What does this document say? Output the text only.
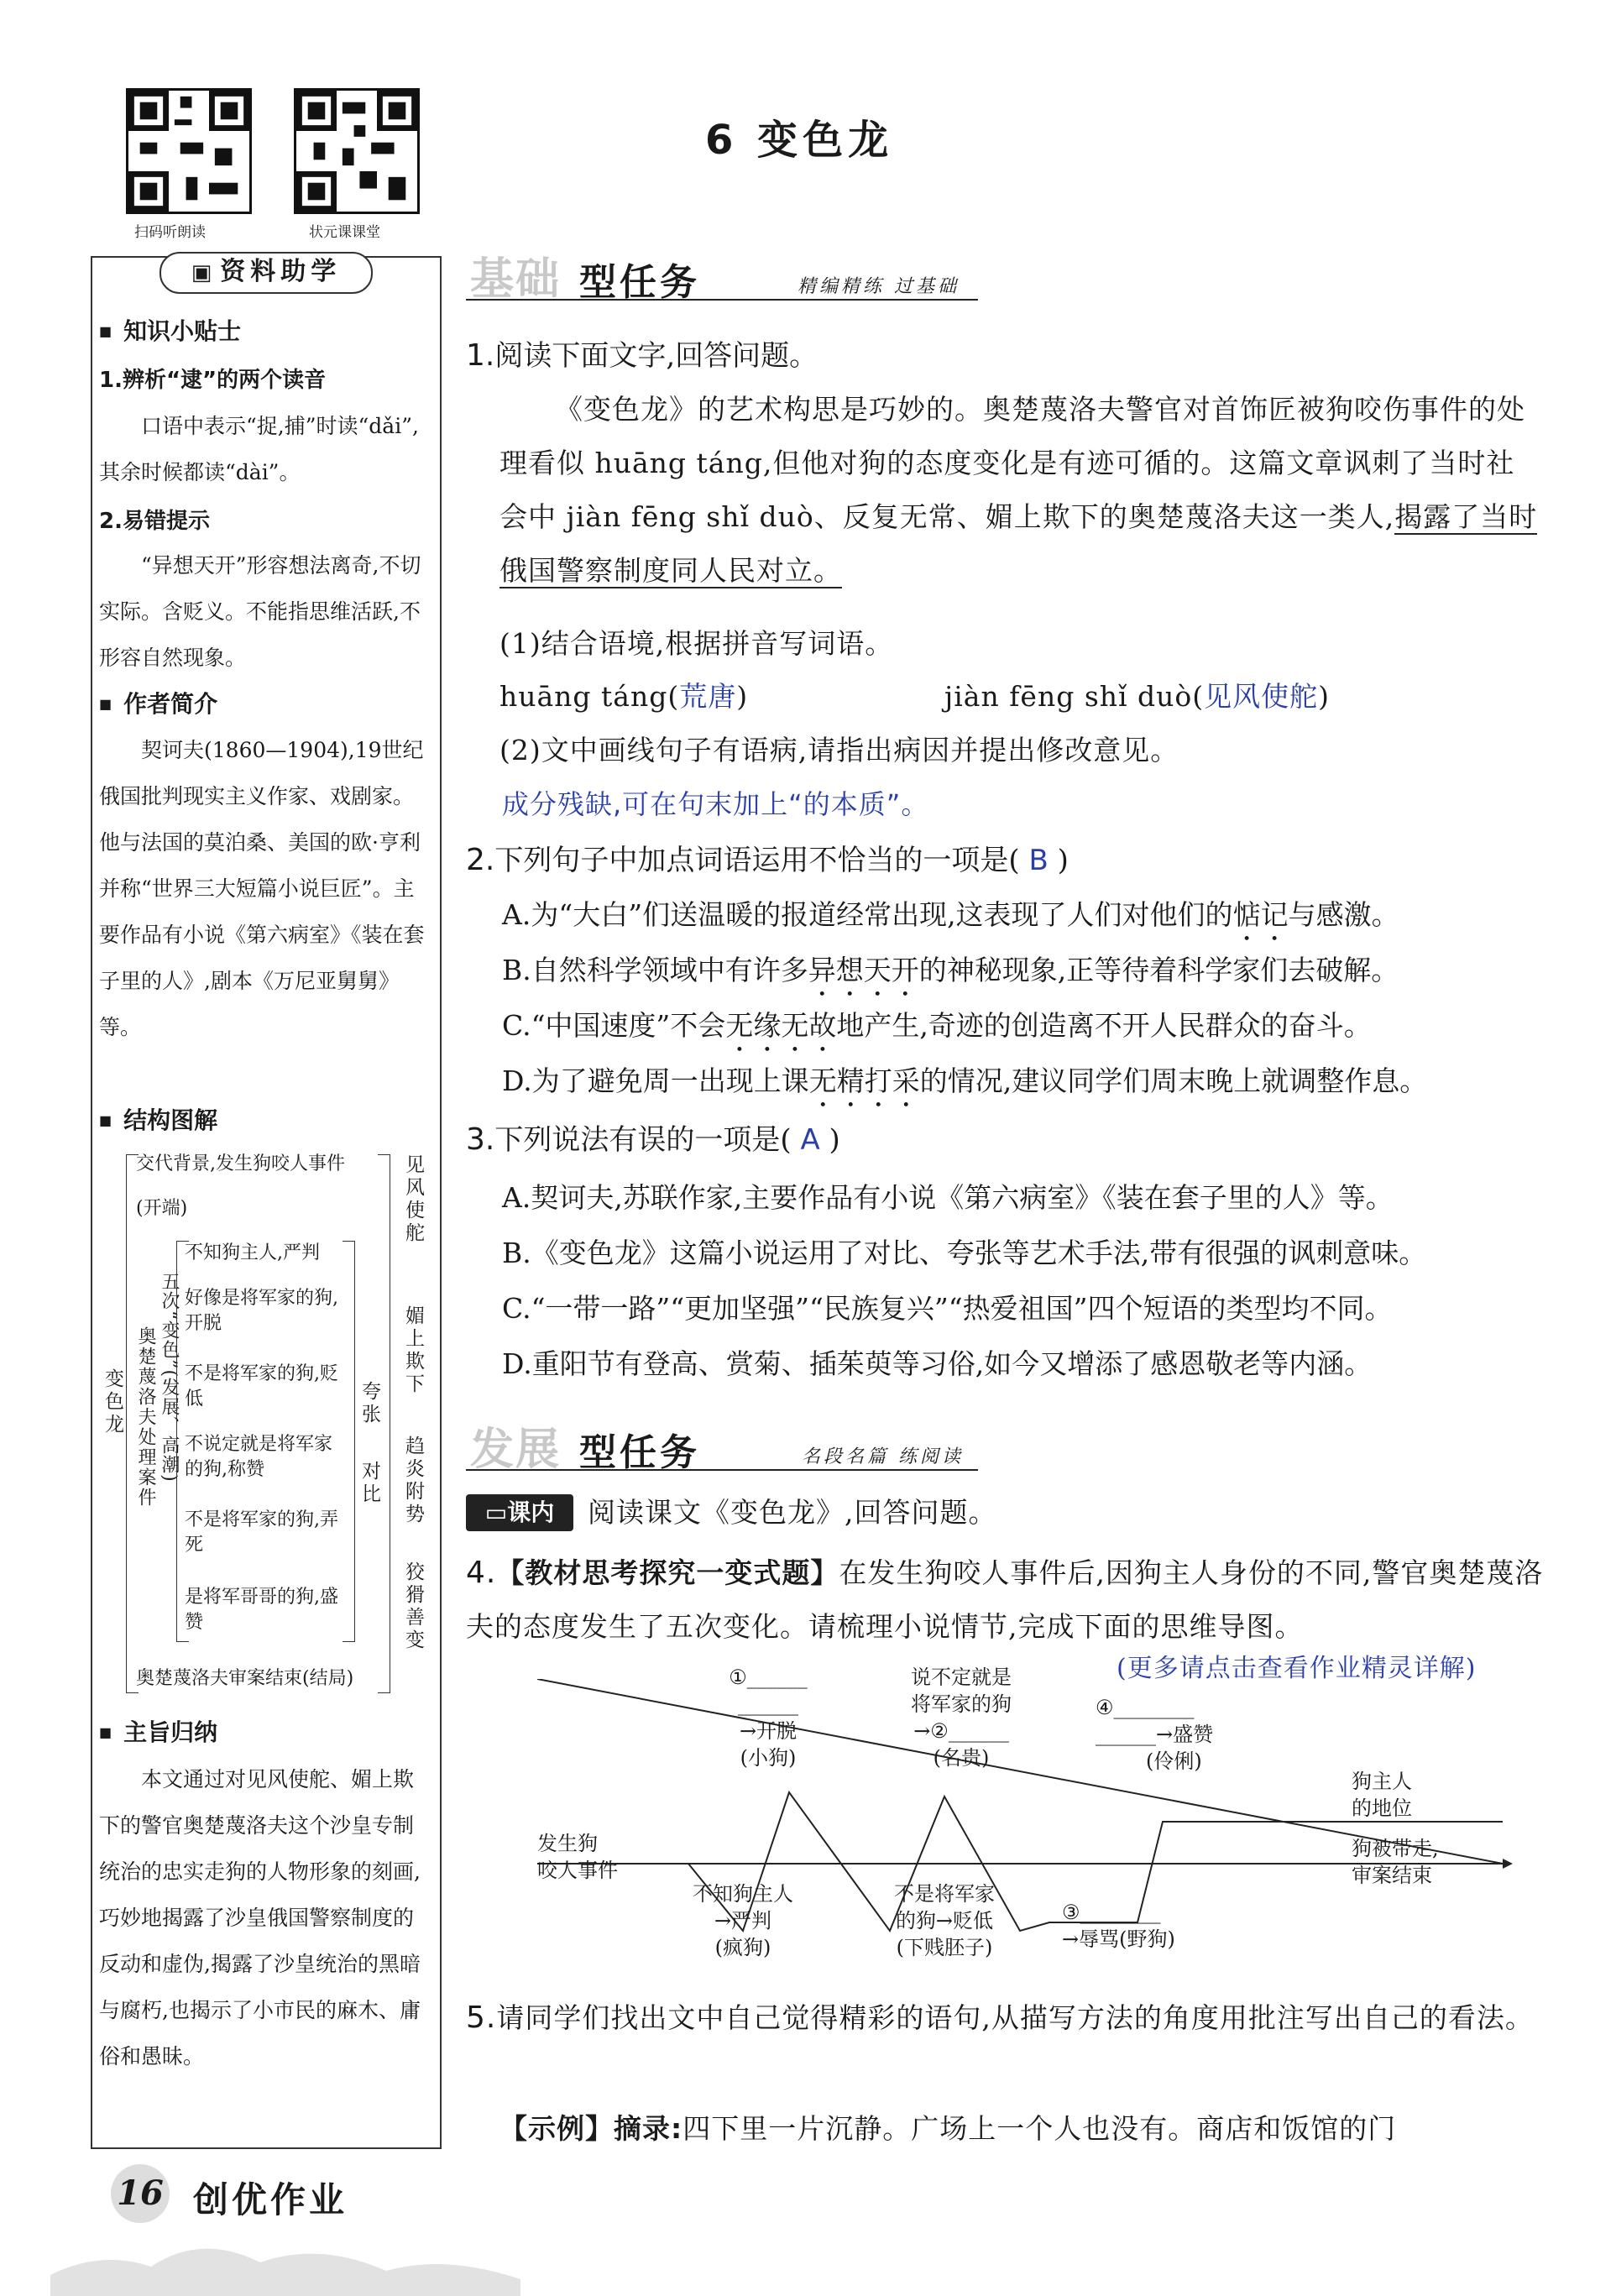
扫码听朗读	状元课课堂
6 变色龙
▣ 资料助学
■ 知识小贴士
1.辨析“逮”的两个读音
口语中表示“捉,捕”时读“dǎi”,其余时候都读“dài”。
2.易错提示
“异想天开”形容想法离奇,不切实际。含贬义。不能指思维活跃,不形容自然现象。
■ 作者简介
契诃夫(1860—1904),19世纪俄国批判现实主义作家、戏剧家。他与法国的莫泊桑、美国的欧·亨利并称“世界三大短篇小说巨匠”。主要作品有小说《第六病室》《装在套子里的人》,剧本《万尼亚舅舅》等。
■ 结构图解
变色龙
交代背景,发生狗咬人事件
(开端)
奥楚蔑洛夫处理案件 五次“变色”(发展、高潮)
不知狗主人,严判
好像是将军家的狗,开脱
不是将军家的狗,贬低
不说定就是将军家的狗,称赞
不是将军家的狗,弄死
是将军哥哥的狗,盛赞
奥楚蔑洛夫审案结束(结局)
夸张
对比
见风使舵
媚上欺下
趋炎附势
狡猾善变
■ 主旨归纳
本文通过对见风使舵、媚上欺下的警官奥楚蔑洛夫这个沙皇专制统治的忠实走狗的人物形象的刻画,巧妙地揭露了沙皇俄国警察制度的反动和虚伪,揭露了沙皇统治的黑暗与腐朽,也揭示了小市民的麻木、庸俗和愚昧。
基础 型任务	精编精练 过基础
1.阅读下面文字,回答问题。
《变色龙》的艺术构思是巧妙的。奥楚蔑洛夫警官对首饰匠被狗咬伤事件的处理看似 huāng táng,但他对狗的态度变化是有迹可循的。这篇文章讽刺了当时社会中 jiàn fēng shǐ duò、反复无常、媚上欺下的奥楚蔑洛夫这一类人,揭露了当时俄国警察制度同人民对立。
(1)结合语境,根据拼音写词语。
huāng táng(荒唐)	jiàn fēng shǐ duò(见风使舵)
(2)文中画线句子有语病,请指出病因并提出修改意见。
成分残缺,可在句末加上“的本质”。
2.下列句子中加点词语运用不恰当的一项是( B )
A.为“大白”们送温暖的报道经常出现,这表现了人们对他们的惦记与感激。
B.自然科学领域中有许多异想天开的神秘现象,正等待着科学家们去破解。
C.“中国速度”不会无缘无故地产生,奇迹的创造离不开人民群众的奋斗。
D.为了避免周一出现上课无精打采的情况,建议同学们周末晚上就调整作息。
3.下列说法有误的一项是( A )
A.契诃夫,苏联作家,主要作品有小说《第六病室》《装在套子里的人》等。
B.《变色龙》这篇小说运用了对比、夸张等艺术手法,带有很强的讽刺意味。
C.“一带一路”“更加坚强”“民族复兴”“热爱祖国”四个短语的类型均不同。
D.重阳节有登高、赏菊、插茱萸等习俗,如今又增添了感恩敬老等内涵。
发展 型任务	名段名篇 练阅读
▭课内	阅读课文《变色龙》,回答问题。
4.【教材思考探究一变式题】在发生狗咬人事件后,因狗主人身份的不同,警官奥楚蔑洛夫的态度发生了五次变化。请梳理小说情节,完成下面的思维导图。
(更多请点击查看作业精灵详解)
发生狗
咬人事件
①______
______
→开脱
(小狗)
说不定就是
将军家的狗
→②______
(名贵)
④________
______→盛赞
(伶俐)
不知狗主人
→严判
(疯狗)
不是将军家
的狗→贬低
(下贱胚子)
③________
→辱骂(野狗)
狗主人
的地位
狗被带走,
审案结束
5.请同学们找出文中自己觉得精彩的语句,从描写方法的角度用批注写出自己的看法。
【示例】摘录:四下里一片沉静。广场上一个人也没有。商店和饭馆的门
16 创优作业
